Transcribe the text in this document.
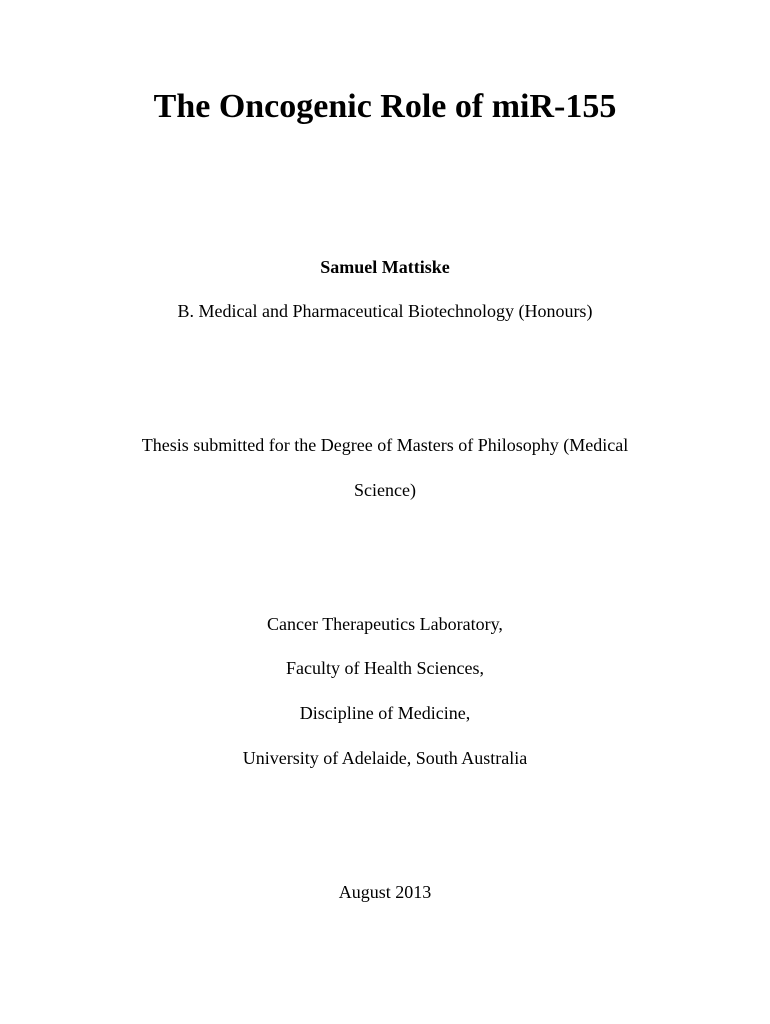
The Oncogenic Role of miR-155
Samuel Mattiske
B. Medical and Pharmaceutical Biotechnology (Honours)
Thesis submitted for the Degree of Masters of Philosophy (Medical
Science)
Cancer Therapeutics Laboratory,
Faculty of Health Sciences,
Discipline of Medicine,
University of Adelaide, South Australia
August 2013
